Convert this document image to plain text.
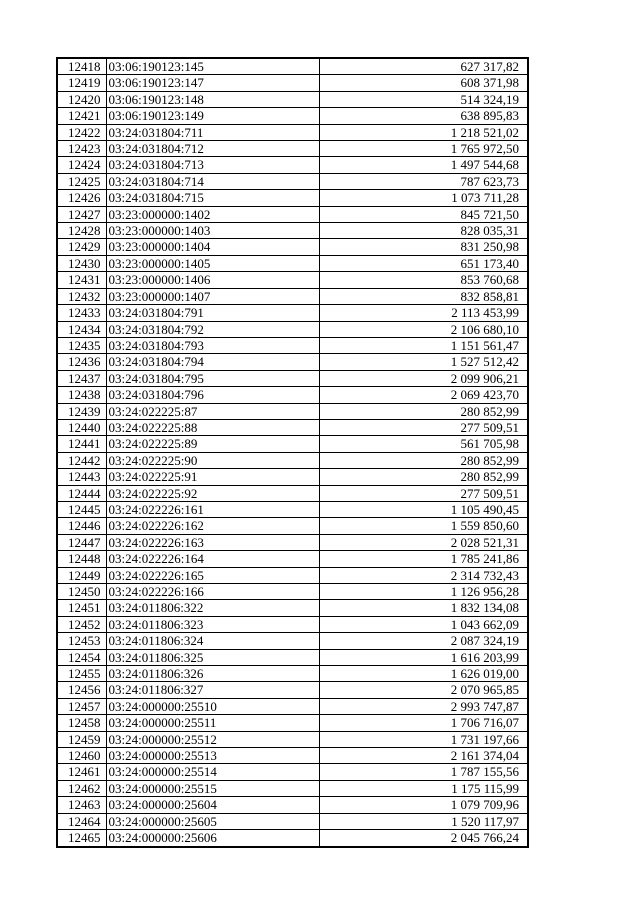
12418	03:06:190123:145	627 317,82
12419	03:06:190123:147	608 371,98
12420	03:06:190123:148	514 324,19
12421	03:06:190123:149	638 895,83
12422	03:24:031804:711	1 218 521,02
12423	03:24:031804:712	1 765 972,50
12424	03:24:031804:713	1 497 544,68
12425	03:24:031804:714	787 623,73
12426	03:24:031804:715	1 073 711,28
12427	03:23:000000:1402	845 721,50
12428	03:23:000000:1403	828 035,31
12429	03:23:000000:1404	831 250,98
12430	03:23:000000:1405	651 173,40
12431	03:23:000000:1406	853 760,68
12432	03:23:000000:1407	832 858,81
12433	03:24:031804:791	2 113 453,99
12434	03:24:031804:792	2 106 680,10
12435	03:24:031804:793	1 151 561,47
12436	03:24:031804:794	1 527 512,42
12437	03:24:031804:795	2 099 906,21
12438	03:24:031804:796	2 069 423,70
12439	03:24:022225:87	280 852,99
12440	03:24:022225:88	277 509,51
12441	03:24:022225:89	561 705,98
12442	03:24:022225:90	280 852,99
12443	03:24:022225:91	280 852,99
12444	03:24:022225:92	277 509,51
12445	03:24:022226:161	1 105 490,45
12446	03:24:022226:162	1 559 850,60
12447	03:24:022226:163	2 028 521,31
12448	03:24:022226:164	1 785 241,86
12449	03:24:022226:165	2 314 732,43
12450	03:24:022226:166	1 126 956,28
12451	03:24:011806:322	1 832 134,08
12452	03:24:011806:323	1 043 662,09
12453	03:24:011806:324	2 087 324,19
12454	03:24:011806:325	1 616 203,99
12455	03:24:011806:326	1 626 019,00
12456	03:24:011806:327	2 070 965,85
12457	03:24:000000:25510	2 993 747,87
12458	03:24:000000:25511	1 706 716,07
12459	03:24:000000:25512	1 731 197,66
12460	03:24:000000:25513	2 161 374,04
12461	03:24:000000:25514	1 787 155,56
12462	03:24:000000:25515	1 175 115,99
12463	03:24:000000:25604	1 079 709,96
12464	03:24:000000:25605	1 520 117,97
12465	03:24:000000:25606	2 045 766,24
